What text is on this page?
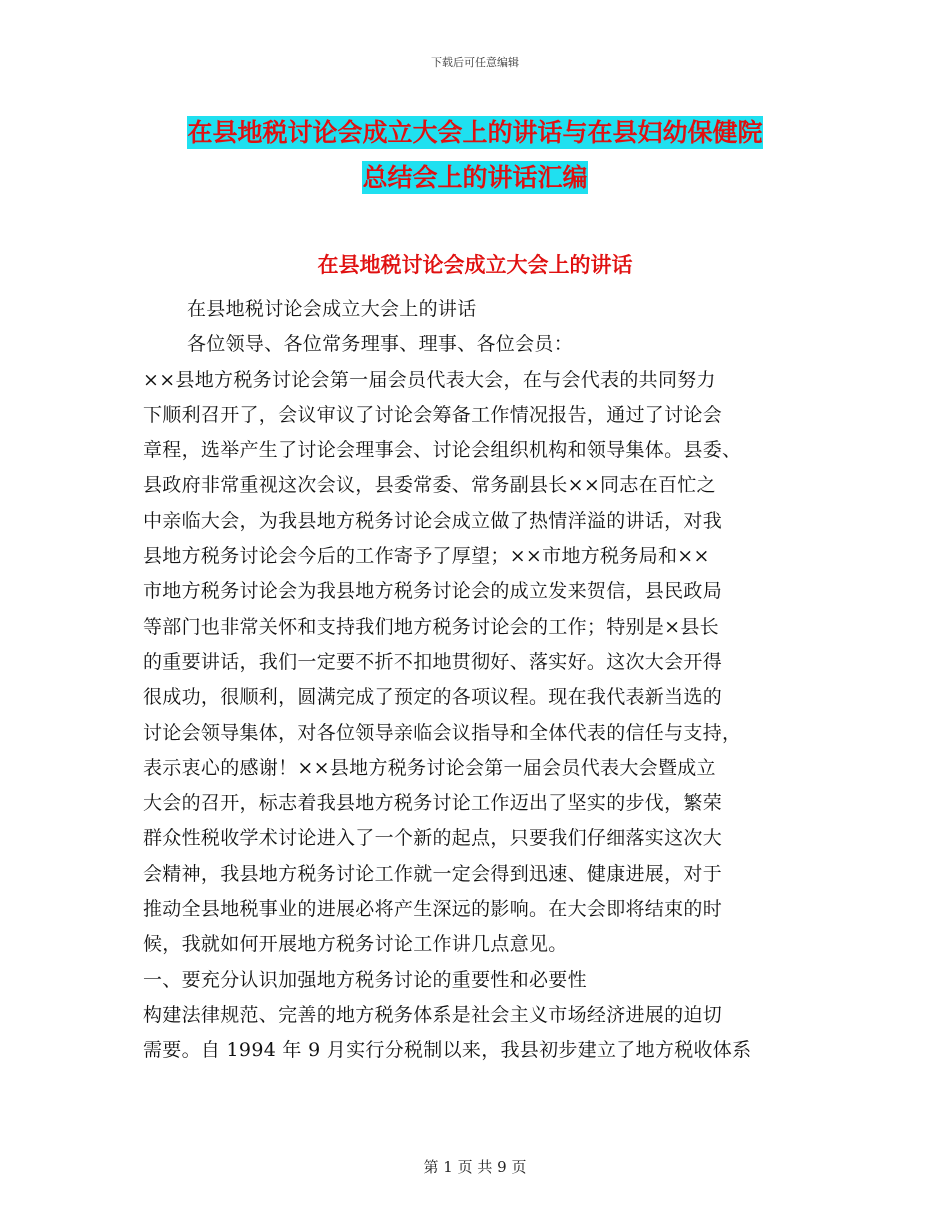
下载后可任意编辑
在县地税讨论会成立大会上的讲话与在县妇幼保健院
总结会上的讲话汇编
在县地税讨论会成立大会上的讲话
在县地税讨论会成立大会上的讲话
各位领导、各位常务理事、理事、各位会员：
××县地方税务讨论会第一届会员代表大会，在与会代表的共同努力
下顺利召开了，会议审议了讨论会筹备工作情况报告，通过了讨论会
章程，选举产生了讨论会理事会、讨论会组织机构和领导集体。县委、
县政府非常重视这次会议，县委常委、常务副县长××同志在百忙之
中亲临大会，为我县地方税务讨论会成立做了热情洋溢的讲话，对我
县地方税务讨论会今后的工作寄予了厚望；××市地方税务局和××
市地方税务讨论会为我县地方税务讨论会的成立发来贺信，县民政局
等部门也非常关怀和支持我们地方税务讨论会的工作；特别是×县长
的重要讲话，我们一定要不折不扣地贯彻好、落实好。这次大会开得
很成功，很顺利，圆满完成了预定的各项议程。现在我代表新当选的
讨论会领导集体，对各位领导亲临会议指导和全体代表的信任与支持，
表示衷心的感谢！××县地方税务讨论会第一届会员代表大会暨成立
大会的召开，标志着我县地方税务讨论工作迈出了坚实的步伐，繁荣
群众性税收学术讨论进入了一个新的起点，只要我们仔细落实这次大
会精神，我县地方税务讨论工作就一定会得到迅速、健康进展，对于
推动全县地税事业的进展必将产生深远的影响。在大会即将结束的时
候，我就如何开展地方税务讨论工作讲几点意见。
一、要充分认识加强地方税务讨论的重要性和必要性
构建法律规范、完善的地方税务体系是社会主义市场经济进展的迫切
需要。自 1994 年 9 月实行分税制以来，我县初步建立了地方税收体系
第 1 页 共 9 页
